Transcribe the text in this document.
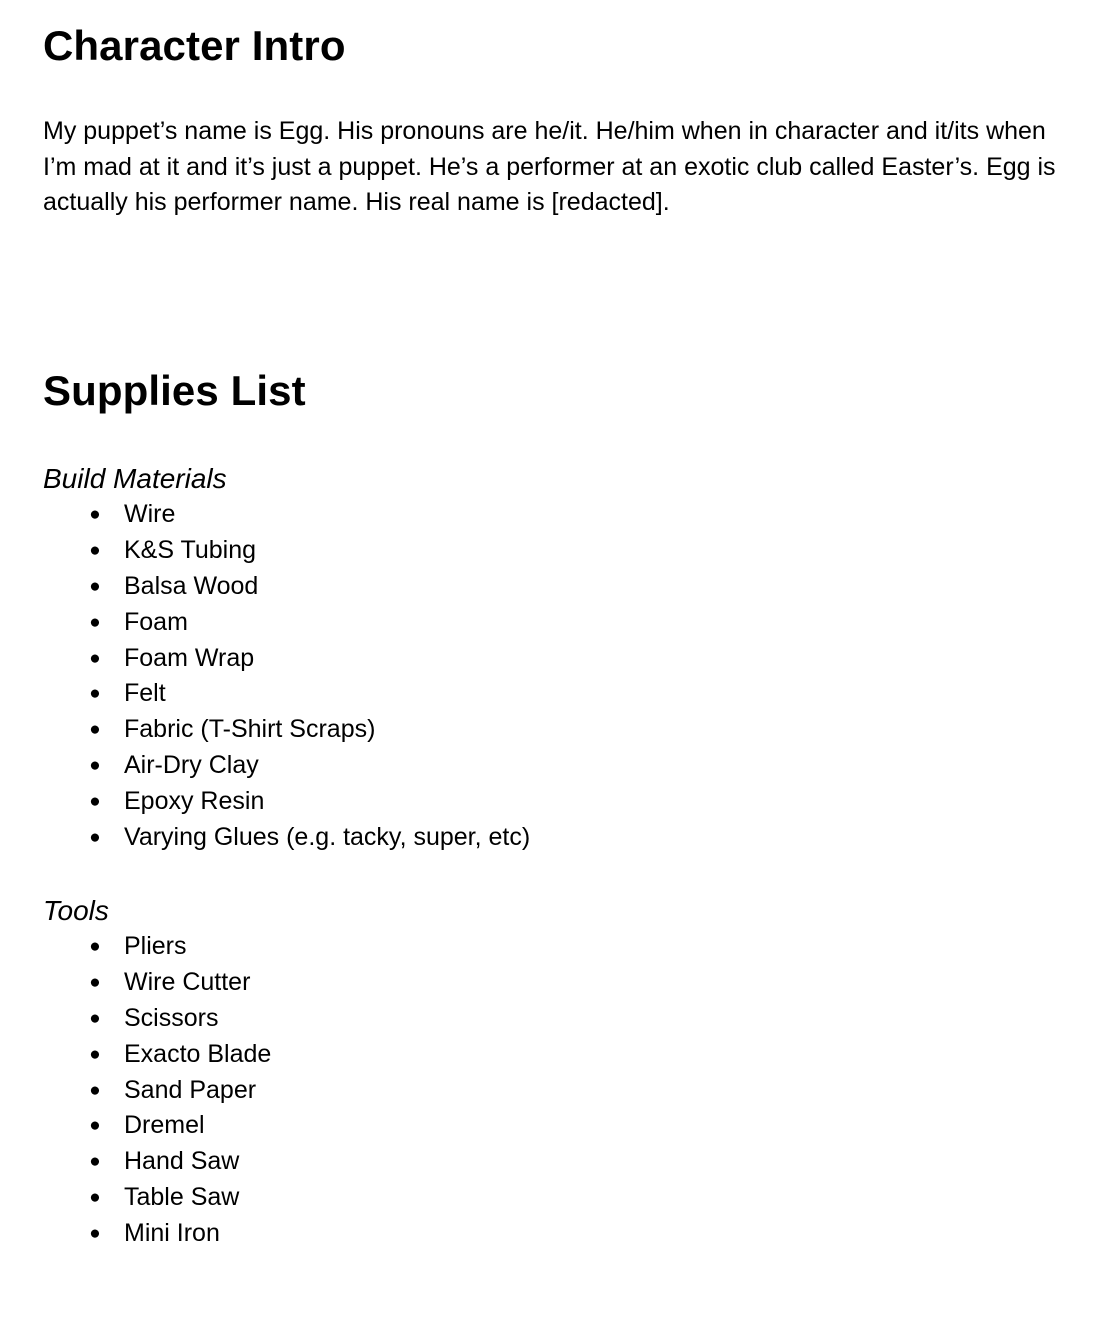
Character Intro

My puppet’s name is Egg. His pronouns are he/it. He/him when in character and it/its when I’m mad at it and it’s just a puppet. He’s a performer at an exotic club called Easter’s. Egg is actually his performer name. His real name is [redacted].

Supplies List

Build Materials

● Wire
● K&S Tubing
● Balsa Wood
● Foam
● Foam Wrap
● Felt
● Fabric (T-Shirt Scraps)
● Air-Dry Clay
● Epoxy Resin
● Varying Glues (e.g. tacky, super, etc)

Tools

● Pliers
● Wire Cutter
● Scissors
● Exacto Blade
● Sand Paper
● Dremel
● Hand Saw
● Table Saw
● Mini Iron
